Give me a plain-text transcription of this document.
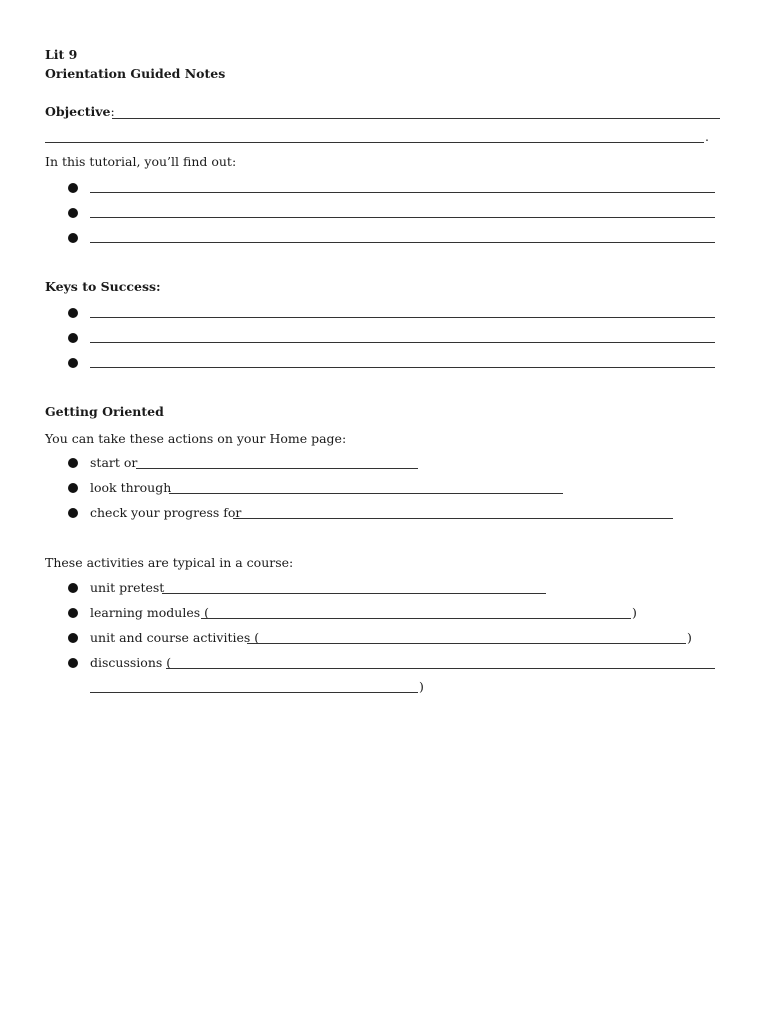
Lit 9
Orientation Guided Notes
Objective:
.
In this tutorial, you’ll find out:
Keys to Success:
Getting Oriented
You can take these actions on your Home page:
start or
look through
check your progress for
These activities are typical in a course:
unit pretest
learning modules (	)
unit and course activities (	)
discussions (
)
